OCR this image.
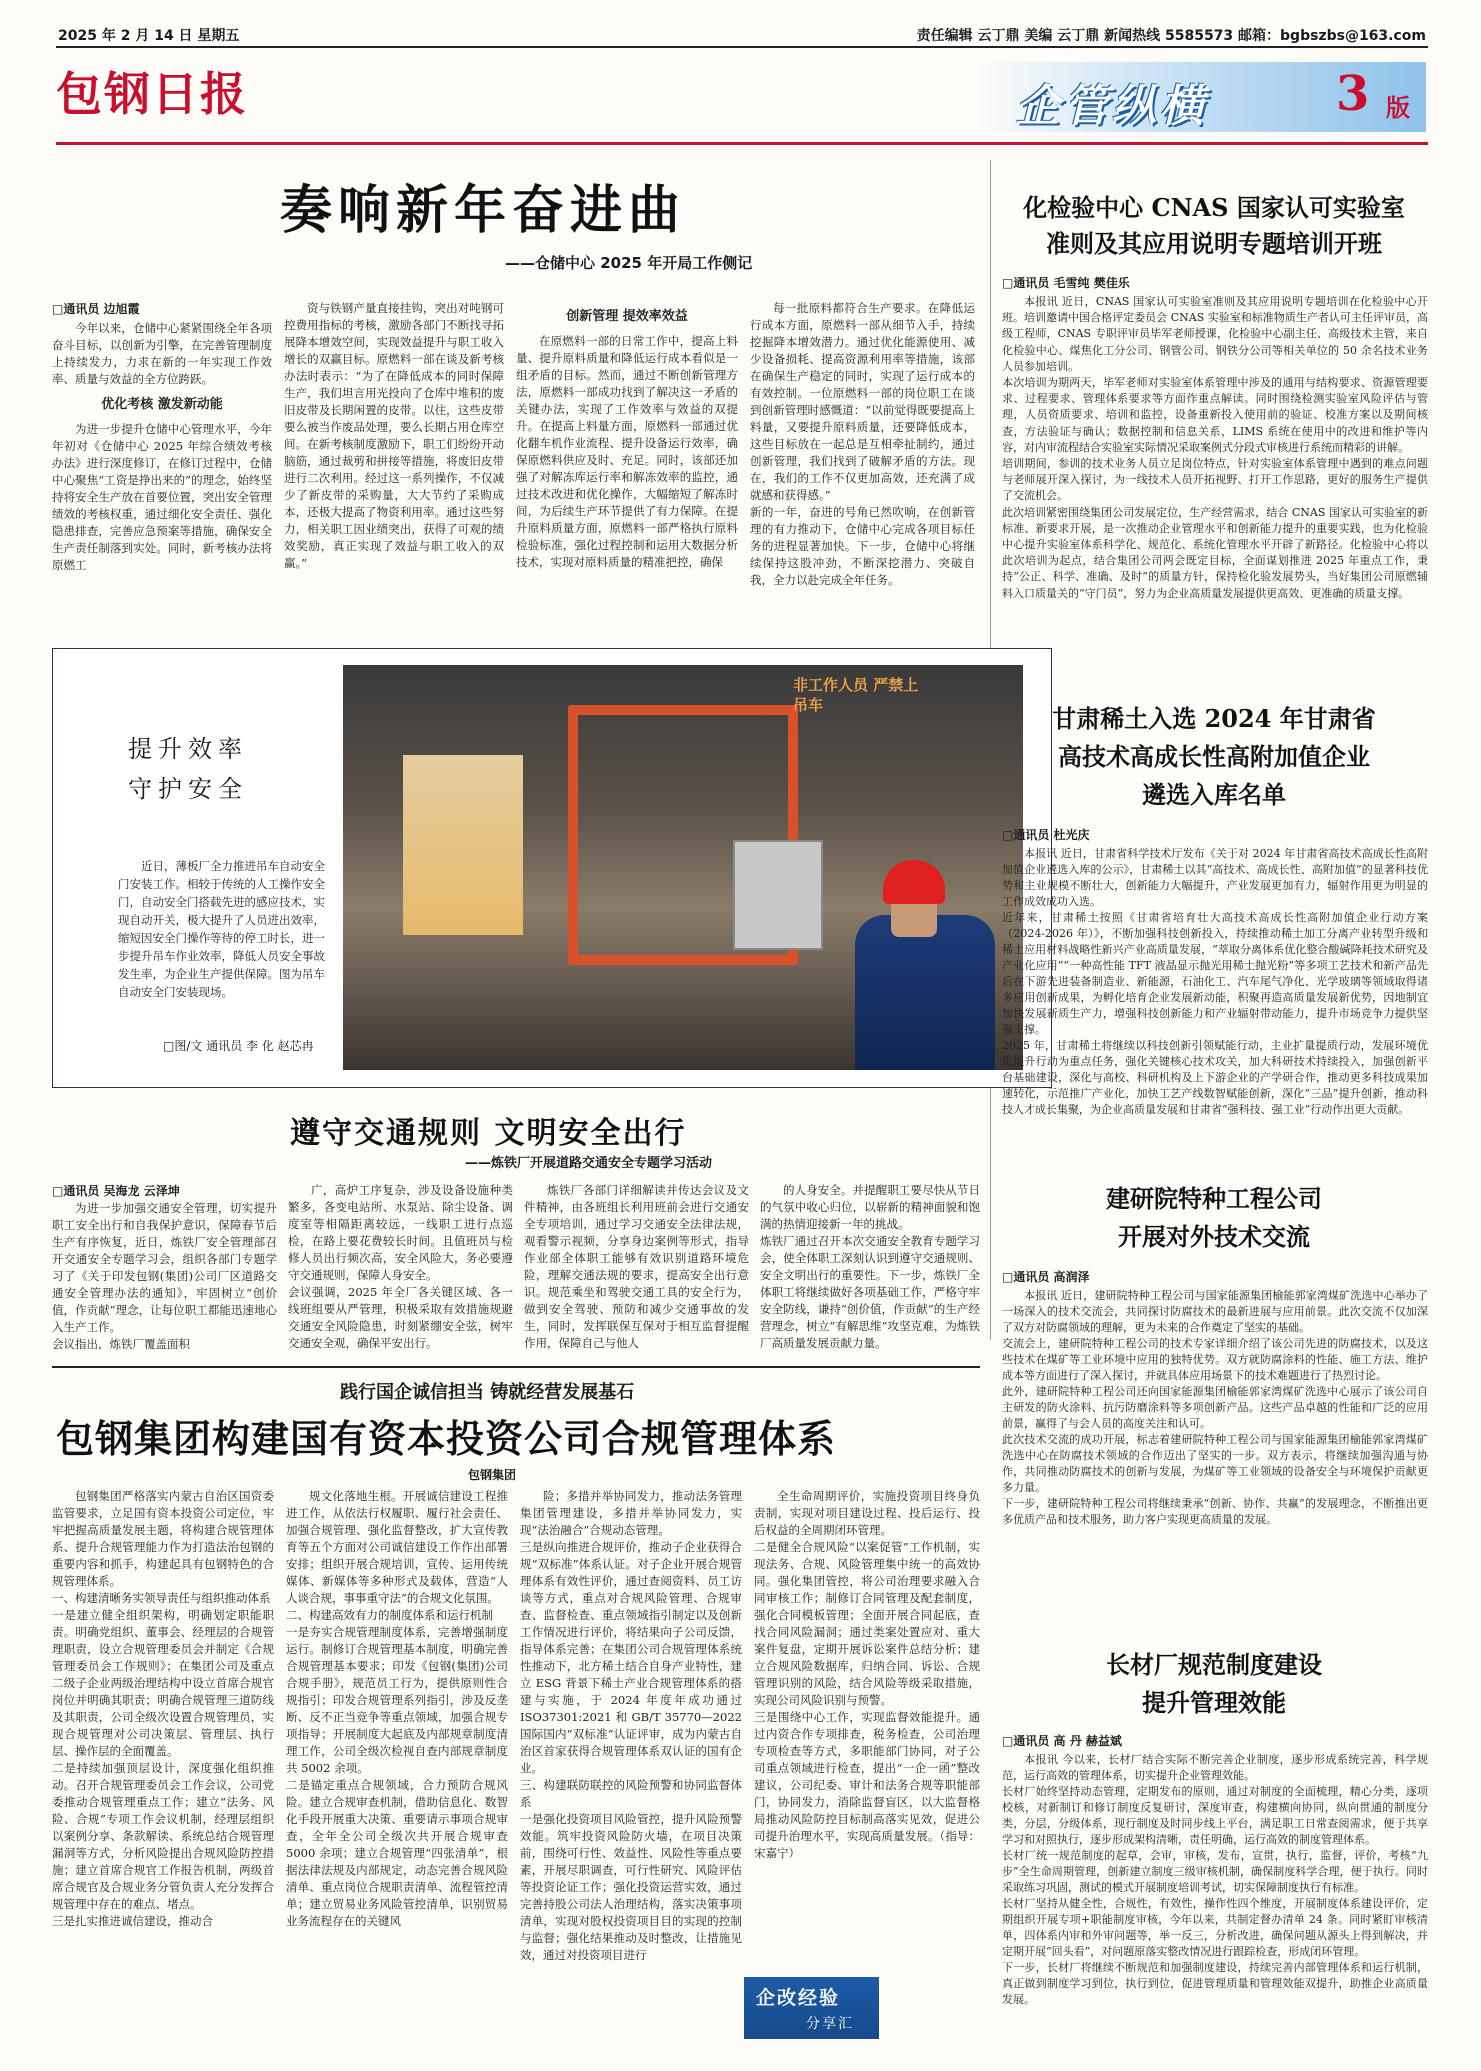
2025 年 2 月 14 日 星期五	责任编辑 云丁鼎 美编 云丁鼎 新闻热线 5585573 邮箱：bgbszbs@163.com
包钢日报	企管纵横	3 版
奏响新年奋进曲
——仓储中心 2025 年开局工作侧记
□通讯员 边旭霞

今年以来，仓储中心紧紧围绕全年各项奋斗目标，以创新为引擎，在完善管理制度上持续发力，力求在新的一年实现工作效率、质量与效益的全方位跨跃。

优化考核 激发新动能

为进一步提升仓储中心管理水平，今年年初对《仓储中心 2025 年综合绩效考核办法》进行深度修订，在修订过程中，仓储中心聚焦“工资是挣出来的”的理念，始终坚持将安全生产放在首要位置，突出安全管理绩效的考核权重，通过细化安全责任、强化隐患排查，完善应急预案等措施，确保安全生产责任制落到实处。同时，新考核办法将原燃工

资与铁钢产量直接挂钩，突出对吨钢可控费用指标的考核，激励各部门不断找寻拓展降本增效空间，实现效益提升与职工收入增长的双赢目标。原燃料一部在谈及新考核办法时表示：“为了在降低成本的同时保障生产，我们坦言用光投向了仓库中堆积的废旧皮带及长期闲置的皮带。以往，这些皮带要么被当作废品处理，要么长期占用仓库空间。在新考核制度激励下，职工们纷纷开动脑筋，通过裁剪和拼接等措施，将废旧皮带进行二次利用。经过这一系列操作，不仅减少了新皮带的采购量，大大节约了采购成本，还极大提高了物资利用率。通过这些努力，相关职工因业绩突出，获得了可观的绩效奖励，真正实现了效益与职工收入的双赢。”

创新管理 提效率效益

在原燃料一部的日常工作中，提高上料量、提升原料质量和降低运行成本看似是一组矛盾的目标。然而，通过不断创新管理方法，原燃料一部成功找到了解决这一矛盾的关键办法，实现了工作效率与效益的双提升。在提高上料量方面，原燃料一部通过优化翻车机作业流程、提升设备运行效率，确保原燃料供应及时、充足。同时，该部还加强了对解冻库运行率和解冻效率的监控，通过技术改进和优化操作，大幅缩短了解冻时间，为后续生产环节提供了有力保障。在提升原料质量方面，原燃料一部严格执行原料检验标准，强化过程控制和运用大数据分析技术，实现对原料质量的精准把控，确保

每一批原料都符合生产要求。在降低运行成本方面，原燃料一部从细节入手，持续挖掘降本增效潜力。通过优化能源使用、减少设备损耗、提高资源利用率等措施，该部在确保生产稳定的同时，实现了运行成本的有效控制。一位原燃料一部的岗位职工在谈到创新管理时感慨道：“以前觉得既要提高上料量，又要提升原料质量，还要降低成本，这些目标放在一起总是互相牵扯制约，通过创新管理，我们找到了破解矛盾的方法。现在，我们的工作不仅更加高效，还充满了成就感和获得感。”
新的一年，奋进的号角已然吹响，在创新管理的有力推动下，仓储中心完成各项目标任务的进程显著加快。下一步，仓储中心将继续保持这股冲劲，不断深挖潜力、突破自我，全力以赴完成全年任务。

提升效率
守护安全
近日，薄板厂全力推进吊车自动安全门安装工作。相较于传统的人工操作安全门，自动安全门搭载先进的感应技术，实现自动开关，极大提升了人员进出效率，缩短因安全门操作等待的停工时长，进一步提升吊车作业效率，降低人员安全事故发生率，为企业生产提供保障。图为吊车自动安全门安装现场。
□图/文 通讯员 李 化 赵芯冉
非工作人员 严禁上吊车
遵守交通规则 文明安全出行
——炼铁厂开展道路交通安全专题学习活动
□通讯员 吴海龙 云泽坤

为进一步加强交通安全管理，切实提升职工安全出行和自我保护意识，保障春节后生产有序恢复，近日，炼铁厂安全管理部召开交通安全专题学习会，组织各部门专题学习了《关于印发包钢(集团)公司厂区道路交通安全管理办法的通知》，牢固树立“创价值，作贡献”理念，让每位职工都能迅速地心入生产工作。
会议指出，炼铁厂覆盖面积

广，高炉工序复杂，涉及设备设施种类繁多，各变电站所、水泵站、除尘设备、调度室等相隔距离较远，一线职工进行点巡检，在路上要花费较长时间。且值班员与检修人员出行频次高，安全风险大，务必要遵守交通规则，保障人身安全。
会议强调，2025 年全厂各关键区域、各一线班组要从严管理，积极采取有效措施规避交通安全风险隐患，时刻紧绷安全弦，树牢交通安全观，确保平安出行。

炼铁厂各部门详细解读并传达会议及文件精神，由各班组长利用班前会进行交通安全专项培训，通过学习交通安全法律法规，观看警示视频，分享身边案例等形式，指导作业部全体职工能够有效识别道路环境危险，理解交通法规的要求，提高安全出行意识。规范乘坐和驾驶交通工具的安全行为，做到安全驾驶、预防和减少交通事故的发生，同时，发挥联保互保对于相互监督提醒作用，保障自己与他人

的人身安全。并提醒职工要尽快从节日的气氛中收心归位，以崭新的精神面貌和饱满的热情迎接新一年的挑战。
炼铁厂通过召开本次交通安全教育专题学习会，使全体职工深刻认识到遵守交通规则、安全文明出行的重要性。下一步，炼铁厂全体职工将继续做好各项基础工作，严格守牢安全防线，谦持“创价值，作贡献”的生产经营理念，树立“有解思维”攻坚克难，为炼铁厂高质量发展贡献力量。

践行国企诚信担当 铸就经营发展基石
包钢集团构建国有资本投资公司合规管理体系
包钢集团

包钢集团严格落实内蒙古自治区国资委监管要求，立足国有资本投资公司定位，牢牢把握高质量发展主题，将构建合规管理体系、提升合规管理能力作为打造法治包钢的重要内容和抓手，构建起具有包钢特色的合规管理体系。
一、构建清晰务实领导责任与组织推动体系
一是建立健全组织架构，明确划定职能职责。明确党组织、董事会、经理层的合规管理职责，设立合规管理委员会并制定《合规管理委员会工作规则》；在集团公司及重点二级子企业两级治理结构中设立首席合规官岗位并明确其职责；明确合规管理三道防线及其职责，公司全级次设置合规管理员，实现合规管理对公司决策层、管理层、执行层、操作层的全面覆盖。
二是持续加强顶层设计，深度强化组织推动。召开合规管理委员会工作会议，公司党委推动合规管理重点工作；建立“法务、风险、合规”专项工作会议机制，经理层组织以案例分享、条款解读、系统总结合规管理漏洞等方式，分析风险提出合规风险防控措施；建立首席合规官工作报告机制，两级首席合规官及合规业务分管负责人充分发挥合规管理中存在的难点、堵点。
三是扎实推进诚信建设，推动合

规文化落地生根。开展诚信建设工程推进工作，从依法行权履职、履行社会责任、加强合规管理、强化监督整改，扩大宣传教育等五个方面对公司诚信建设工作作出部署安排；组织开展合规培训，宣传、运用传统媒体、新媒体等多种形式及载体，营造“人人谈合规，事事重守法”的合规文化氛围。
二、构建高效有力的制度体系和运行机制
一是夯实合规管理制度体系，完善增强制度运行。制修订合规管理基本制度，明确完善合规管理基本要求；印发《包钢(集团)公司合规手册》，规范员工行为，提供原则性合规指引；印发合规管理系列指引，涉及反垄断、反不正当竞争等重点领域，加强合规专项指导；开展制度大起底及内部规章制度清理工作，公司全级次检视自查内部规章制度共 5002 余项。
二是锚定重点合规领域，合力预防合规风险。建立合规审查机制，借助信息化、数智化手段开展重大决策、重要请示事项合规审查，全年全公司全级次共开展合规审查 5000 余项；建立合规管理“四张清单”，根据法律法规及内部规定，动态完善合规风险清单、重点岗位合规职责清单、流程管控清单；建立贸易业务风险管控清单，识别贸易业务流程存在的关键风

险；多措并举协同发力，推动法务管理集团管理建设，多措并举协同发力，实现“法治融合”合规动态管理。
三是纵向推进合规评价，推动子企业获得合规“双标准”体系认证。对子企业开展合规管理体系有效性评价，通过查阅资料、员工访谈等方式，重点对合规风险管理、合规审查、监督检查、重点领域指引制定以及创新工作情况进行评价，将结果向子公司反馈，指导体系完善；在集团公司合规管理体系统性推动下，北方稀土结合自身产业特性，建立 ESG 背景下稀土产业合规管理体系的搭建与实施，于 2024 年度年成功通过 ISO37301:2021 和 GB/T 35770—2022 国际国内“双标准”认证评审，成为内蒙古自治区首家获得合规管理体系双认证的国有企业。
三、构建联防联控的风险预警和协同监督体系
一是强化投资项目风险管控，提升风险预警效能。筑牢投资风险防火墙，在项目决策前，围绕可行性、效益性、风险性等重点要素，开展尽职调查，可行性研究、风险评估等投资论证工作；强化投资运营实效，通过完善持股公司法人治理结构，落实决策事项清单，实现对股权投资项目目的实现的控制与监督；强化结果推动及时整改，让措施见效，通过对投资项目进行

全生命周期评价，实施投资项目终身负责制，实现对项目建设过程、投后运行、投后权益的全周期闭环管理。
二是健全合规风险“以案促管”工作机制，实现法务、合规、风险管理集中统一的高效协同。强化集团管控，将公司治理要求融入合同审核工作；制修订合同管理及配套制度，强化合同模板管理；全面开展合同起底，查找合同风险漏洞；通过类案处置应对、重大案件复盘，定期开展诉讼案件总结分析；建立合规风险数据库，归纳合同、诉讼、合规管理识别的风险，结合风险等级采取措施，实现公司风险识别与预警。
三是围绕中心工作，实现监督效能提升。通过内资合作专项排查，税务检查，公司治理专项检查等方式，多职能部门协同，对子公司重点领域进行检查，提出“一企一函”整改建议，公司纪委、审计和法务合规等职能部门，协同发力，消除监督盲区，以大监督格局推动风险防控目标制高落实见效，促进公司提升治理水平，实现高质量发展。（指导：宋嘉宁）

企改经验
分享汇
化检验中心 CNAS 国家认可实验室
准则及其应用说明专题培训开班
□通讯员 毛雪纯 樊佳乐

本报讯 近日，CNAS 国家认可实验室准则及其应用说明专题培训在化检验中心开班。培训邀请中国合格评定委员会 CNAS 实验室和标准物质生产者认可主任评审员，高级工程师，CNAS 专职评审员毕军老师授课，化检验中心副主任、高级技术主管，来自化检验中心、煤焦化工分公司、钢管公司、钢铁分公司等相关单位的 50 余名技术业务人员参加培训。
本次培训为期两天，毕军老师对实验室体系管理中涉及的通用与结构要求、资源管理要求、过程要求、管理体系要求等方面作重点解读。同时围绕检测实验室风险评估与管理，人员资质要求、培训和监控，设备重新投入使用前的验证、校准方案以及期间核查，方法验证与确认；数据控制和信息关系，LIMS 系统在使用中的改进和维护等内容，对内审流程结合实验室实际情况采取案例式分段式审核进行系统而精彩的讲解。
培训期间，参训的技术业务人员立足岗位特点，针对实验室体系管理中遇到的难点问题与老师展开深入探讨，为一线技术人员开拓视野、打开工作思路，更好的服务生产提供了交流机会。
此次培训紧密围绕集团公司发展定位，生产经营需求，结合 CNAS 国家认可实验室的新标准、新要求开展，是一次推动企业管理水平和创新能力提升的重要实践，也为化检验中心提升实验室体系科学化、规范化、系统化管理水平开辟了新路径。化检验中心将以此次培训为起点，结合集团公司两会既定目标，全面谋划推进 2025 年重点工作，秉持“公正、科学、准确、及时”的质量方针，保持检化验发展势头，当好集团公司原燃辅料入口质量关的“守门员”，努力为企业高质量发展提供更高效、更准确的质量支撑。

甘肃稀土入选 2024 年甘肃省
高技术高成长性高附加值企业
遴选入库名单
□通讯员 杜光庆

本报讯 近日，甘肃省科学技术厅发布《关于对 2024 年甘肃省高技术高成长性高附加值企业遴选入库的公示》，甘肃稀土以其“高技术、高成长性、高附加值”的显著科技优势和主业规模不断壮大，创新能力大幅提升，产业发展更加有力，辐射作用更为明显的工作成效成功入选。
近年来，甘肃稀土按照《甘肃省培育壮大高技术高成长性高附加值企业行动方案（2024-2026 年）》，不断加强科技创新投入，持续推动稀土加工分离产业转型升级和稀土应用材料战略性新兴产业高质量发展，“萃取分离体系优化整合酸碱降耗技术研究及产业化应用”“一种高性能 TFT 液晶显示抛光用稀土抛光粉”等多项工艺技术和新产品先后在下游先进装备制造业、新能源，石油化工、汽车尾气净化、光学玻璃等领域取得诸多应用创新成果，为孵化培育企业发展新动能，积聚再造高质量发展新优势，因地制宜加快发展新质生产力，增强科技创新能力和产业辐射带动能力，提升市场竞争力提供坚强支撑。
2025 年，甘肃稀土将继续以科技创新引领赋能行动，主业扩量提质行动，发展环境优化提升行动为重点任务，强化关键核心技术攻关，加大科研技术持续投入，加强创新平台基础建设，深化与高校、科研机构及上下游企业的产学研合作，推动更多科技成果加速转化，示范推广产业化，加快工艺产线数智赋能创新，深化“三品”提升创新，推动科技人才成长集聚，为企业高质量发展和甘肃省“强科技、强工业”行动作出更大贡献。

建研院特种工程公司
开展对外技术交流
□通讯员 高润泽

本报讯 近日，建研院特种工程公司与国家能源集团榆能郭家湾煤矿洗选中心举办了一场深入的技术交流会，共同探讨防腐技术的最新进展与应用前景。此次交流不仅加深了双方对防腐领域的理解，更为未来的合作奠定了坚实的基础。
交流会上，建研院特种工程公司的技术专家详细介绍了该公司先进的防腐技术，以及这些技术在煤矿等工业环境中应用的独特优势。双方就防腐涂料的性能、施工方法、维护成本等方面进行了深入探讨，并就具体应用场景下的技术难题进行了热烈讨论。
此外，建研院特种工程公司还向国家能源集团榆能郭家湾煤矿洗选中心展示了该公司自主研发的防火涂料、抗污防磨涂料等多项创新产品。这些产品卓越的性能和广泛的应用前景，赢得了与会人员的高度关注和认可。
此次技术交流的成功开展，标志着建研院特种工程公司与国家能源集团榆能郭家湾煤矿洗选中心在防腐技术领域的合作迈出了坚实的一步。双方表示，将继续加强沟通与协作，共同推动防腐技术的创新与发展，为煤矿等工业领域的设备安全与环境保护贡献更多力量。
下一步，建研院特种工程公司将继续秉承“创新、协作、共赢”的发展理念，不断推出更多优质产品和技术服务，助力客户实现更高质量的发展。

长材厂规范制度建设
提升管理效能
□通讯员 高 丹 赫益斌

本报讯 今以来，长材厂结合实际不断完善企业制度，逐步形成系统完善，科学规范，运行高效的管理体系，切实提升企业管理效能。
长材厂始终坚持动态管理，定期发布的原则，通过对制度的全面梳理，精心分类，逐项校核，对新制订和修订制度反复研讨，深度审查，构建横向协同，纵向贯通的制度分类，分层，分级体系，现行制度及时同步线上平台，满足职工日常查阅需求，便于共享学习和对照执行，逐步形成架构清晰，责任明确，运行高效的制度管理体系。
长材厂统一规范制度的起草，会审，审核，发布，宣贯，执行，监督，评价，考核“九步”全生命周期管理，创新建立制度三级审核机制，确保制度科学合理，便于执行。同时采取练习巩固，测试的模式开展制度培训考试，切实保障制度执行有标准。
长材厂坚持从健全性，合规性，有效性，操作性四个维度，开展制度体系建设评价，定期组织开展专项+职能制度审核，今年以来，共制定督办清单 24 条。同时紧盯审核清单，四体系内审和外审问题等，举一反三，分析改进，确保问题从源头上得到解决，并定期开展“回头看”，对问题原落实整改情况进行跟踪检查，形成闭环管理。
下一步，长材厂将继续不断规范和加强制度建设，持续完善内部管理体系和运行机制，真正做到制度学习到位，执行到位，促进管理质量和管理效能双提升，助推企业高质量发展。
